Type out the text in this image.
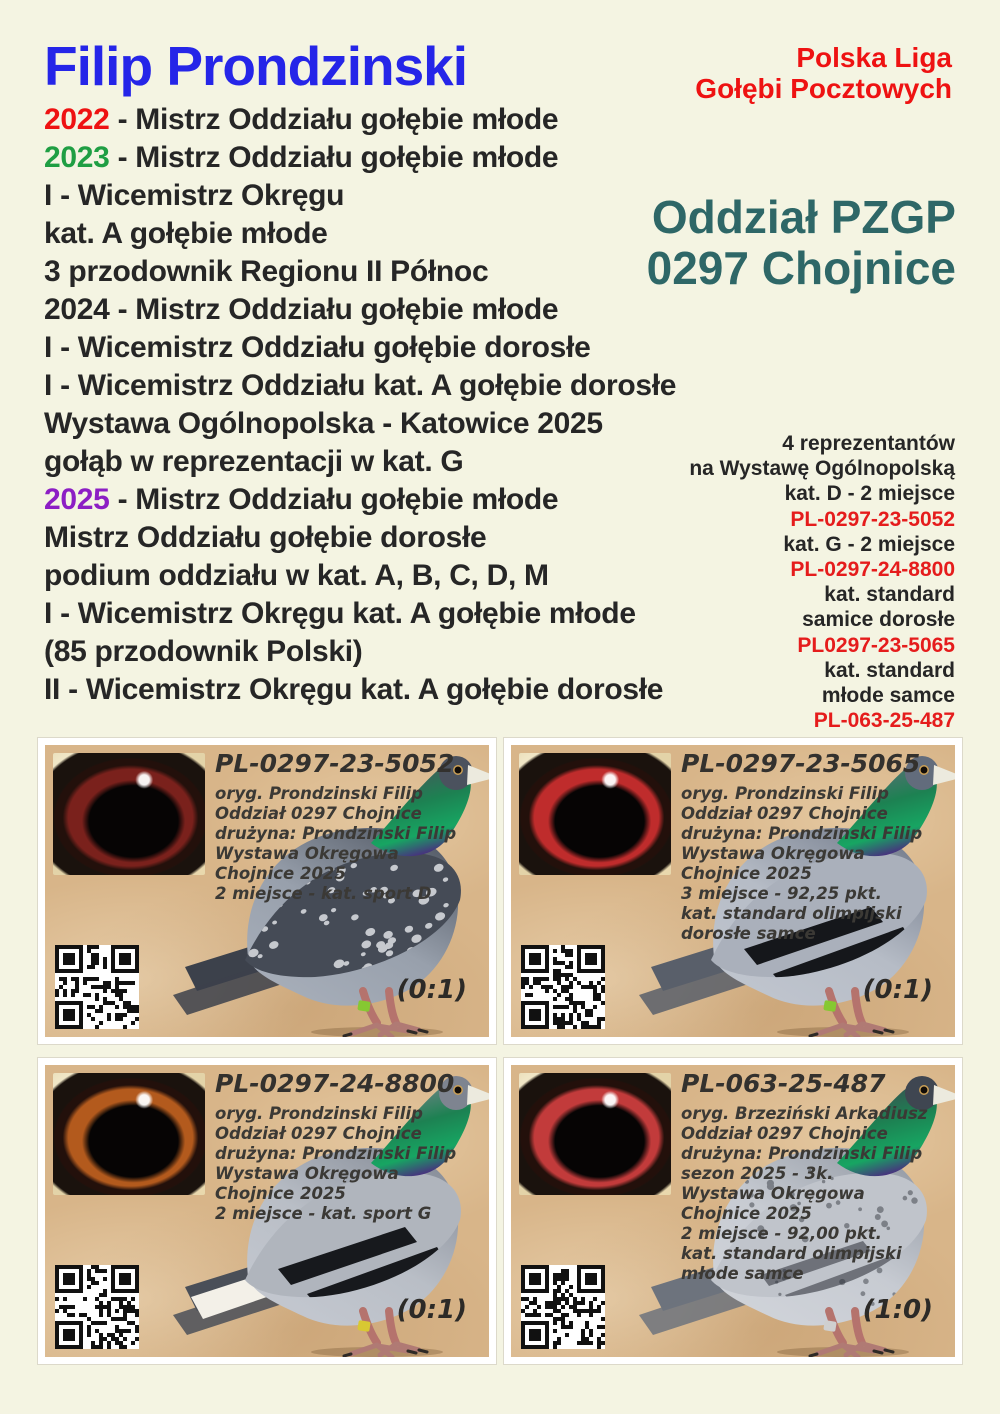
Filip Prondzinski	Polska Liga
Gołębi Pocztowych
Oddział PZGP
0297 Chojnice
2022 - Mistrz Oddziału gołębie młode
2023 - Mistrz Oddziału gołębie młode
I - Wicemistrz Okręgu
kat. A gołębie młode
3 przodownik Regionu II Północ
2024 - Mistrz Oddziału gołębie młode
I - Wicemistrz Oddziału gołębie dorosłe
I - Wicemistrz Oddziału kat. A gołębie dorosłe
Wystawa Ogólnopolska - Katowice 2025
gołąb w reprezentacji w kat. G
2025 - Mistrz Oddziału gołębie młode
Mistrz Oddziału gołębie dorosłe
podium oddziału w kat. A, B, C, D, M
I - Wicemistrz Okręgu kat. A gołębie młode
(85 przodownik Polski)
II - Wicemistrz Okręgu kat. A gołębie dorosłe
4 reprezentantów
na Wystawę Ogólnopolską
kat. D - 2 miejsce
PL-0297-23-5052
kat. G - 2 miejsce
PL-0297-24-8800
kat. standard
samice dorosłe
PL0297-23-5065
kat. standard
młode samce
PL-063-25-487
PL-0297-23-5052
oryg. Prondzinski Filip
Oddział 0297 Chojnice
drużyna: Prondzinski Filip
Wystawa Okręgowa
Chojnice 2025
2 miejsce - kat. sport D
(0:1)
PL-0297-23-5065
oryg. Prondzinski Filip
Oddział 0297 Chojnice
drużyna: Prondzinski Filip
Wystawa Okręgowa
Chojnice 2025
3 miejsce - 92,25 pkt.
kat. standard olimpijski
dorosłe samce
(0:1)
PL-0297-24-8800
oryg. Prondzinski Filip
Oddział 0297 Chojnice
drużyna: Prondzinski Filip
Wystawa Okręgowa
Chojnice 2025
2 miejsce - kat. sport G
(0:1)
PL-063-25-487
oryg. Brzeziński Arkadiusz
Oddział 0297 Chojnice
drużyna: Prondzinski Filip
sezon 2025 - 3k.
Wystawa Okręgowa
Chojnice 2025
2 miejsce - 92,00 pkt.
kat. standard olimpijski
młode samce
(1:0)
